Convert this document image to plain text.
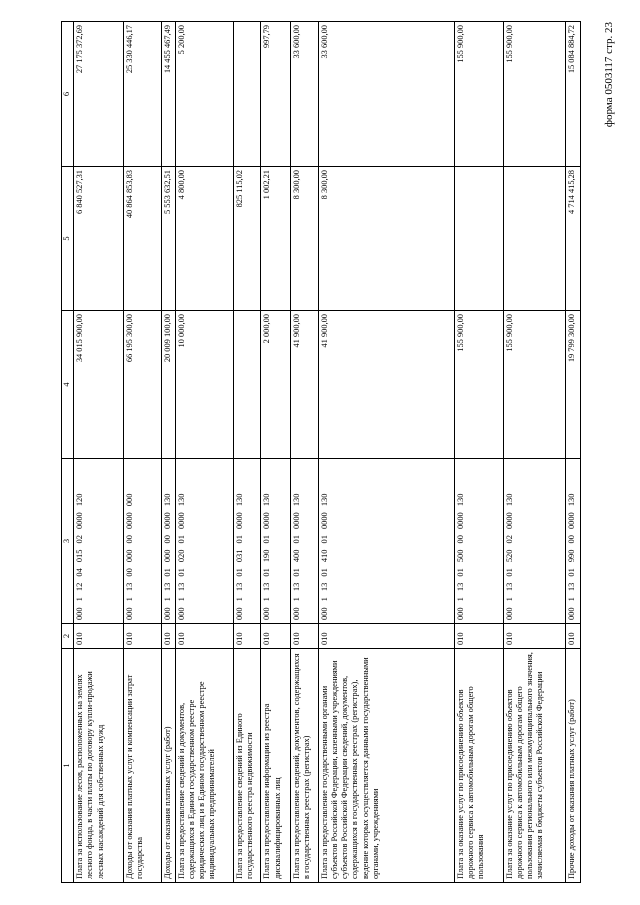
форма 0503117 стр. 23
1	2	3	4	5	6
Плата за использование лесов, расположенных на землях лесного фонда, в части платы по договору купли-продажи лесных насаждений для собственных нужд	010	000 1 12 04 015 02 0000 120	34 015 900,00	6 840 527,31	27 175 372,69
Доходы от оказания платных услуг и компенсации затрат государства	010	000 1 13 00 000 00 0000 000	66 195 300,00	40 864 853,83	25 330 446,17
Доходы от оказания платных услуг (работ)	010	000 1 13 01 000 00 0000 130	20 009 100,00	5 553 632,51	14 455 467,49
Плата за предоставление сведений и документов, содержащихся в Едином государственном реестре юридических лиц и в Едином государственном реестре индивидуальных предпринимателей	010	000 1 13 01 020 01 0000 130	10 000,00	4 800,00	5 200,00
Плата за предоставление сведений из Единого государственного реестра недвижимости	010	000 1 13 01 031 01 0000 130		825 115,02	
Плата за предоставление информации из реестра дисквалифицированных лиц	010	000 1 13 01 190 01 0000 130	2 000,00	1 002,21	997,79
Плата за предоставление сведений, документов, содержащихся в государственных реестрах (регистрах)	010	000 1 13 01 400 01 0000 130	41 900,00	8 300,00	33 600,00
Плата за предоставление государственными органами субъектов Российской Федерации, казенными учреждениями субъектов Российской Федерации сведений, документов, содержащихся в государственных реестрах (регистрах), ведение которых осуществляется данными государственными органами, учреждениями	010	000 1 13 01 410 01 0000 130	41 900,00	8 300,00	33 600,00
Плата за оказание услуг по присоединению объектов дорожного сервиса к автомобильным дорогам общего пользования	010	000 1 13 01 500 00 0000 130	155 900,00		155 900,00
Плата за оказание услуг по присоединению объектов дорожного сервиса к автомобильным дорогам общего пользования регионального или межмуниципального значения, зачисляемая в бюджеты субъектов Российской Федерации	010	000 1 13 01 520 02 0000 130	155 900,00		155 900,00
Прочие доходы от оказания платных услуг (работ)	010	000 1 13 01 990 00 0000 130	19 799 300,00	4 714 415,28	15 084 884,72
